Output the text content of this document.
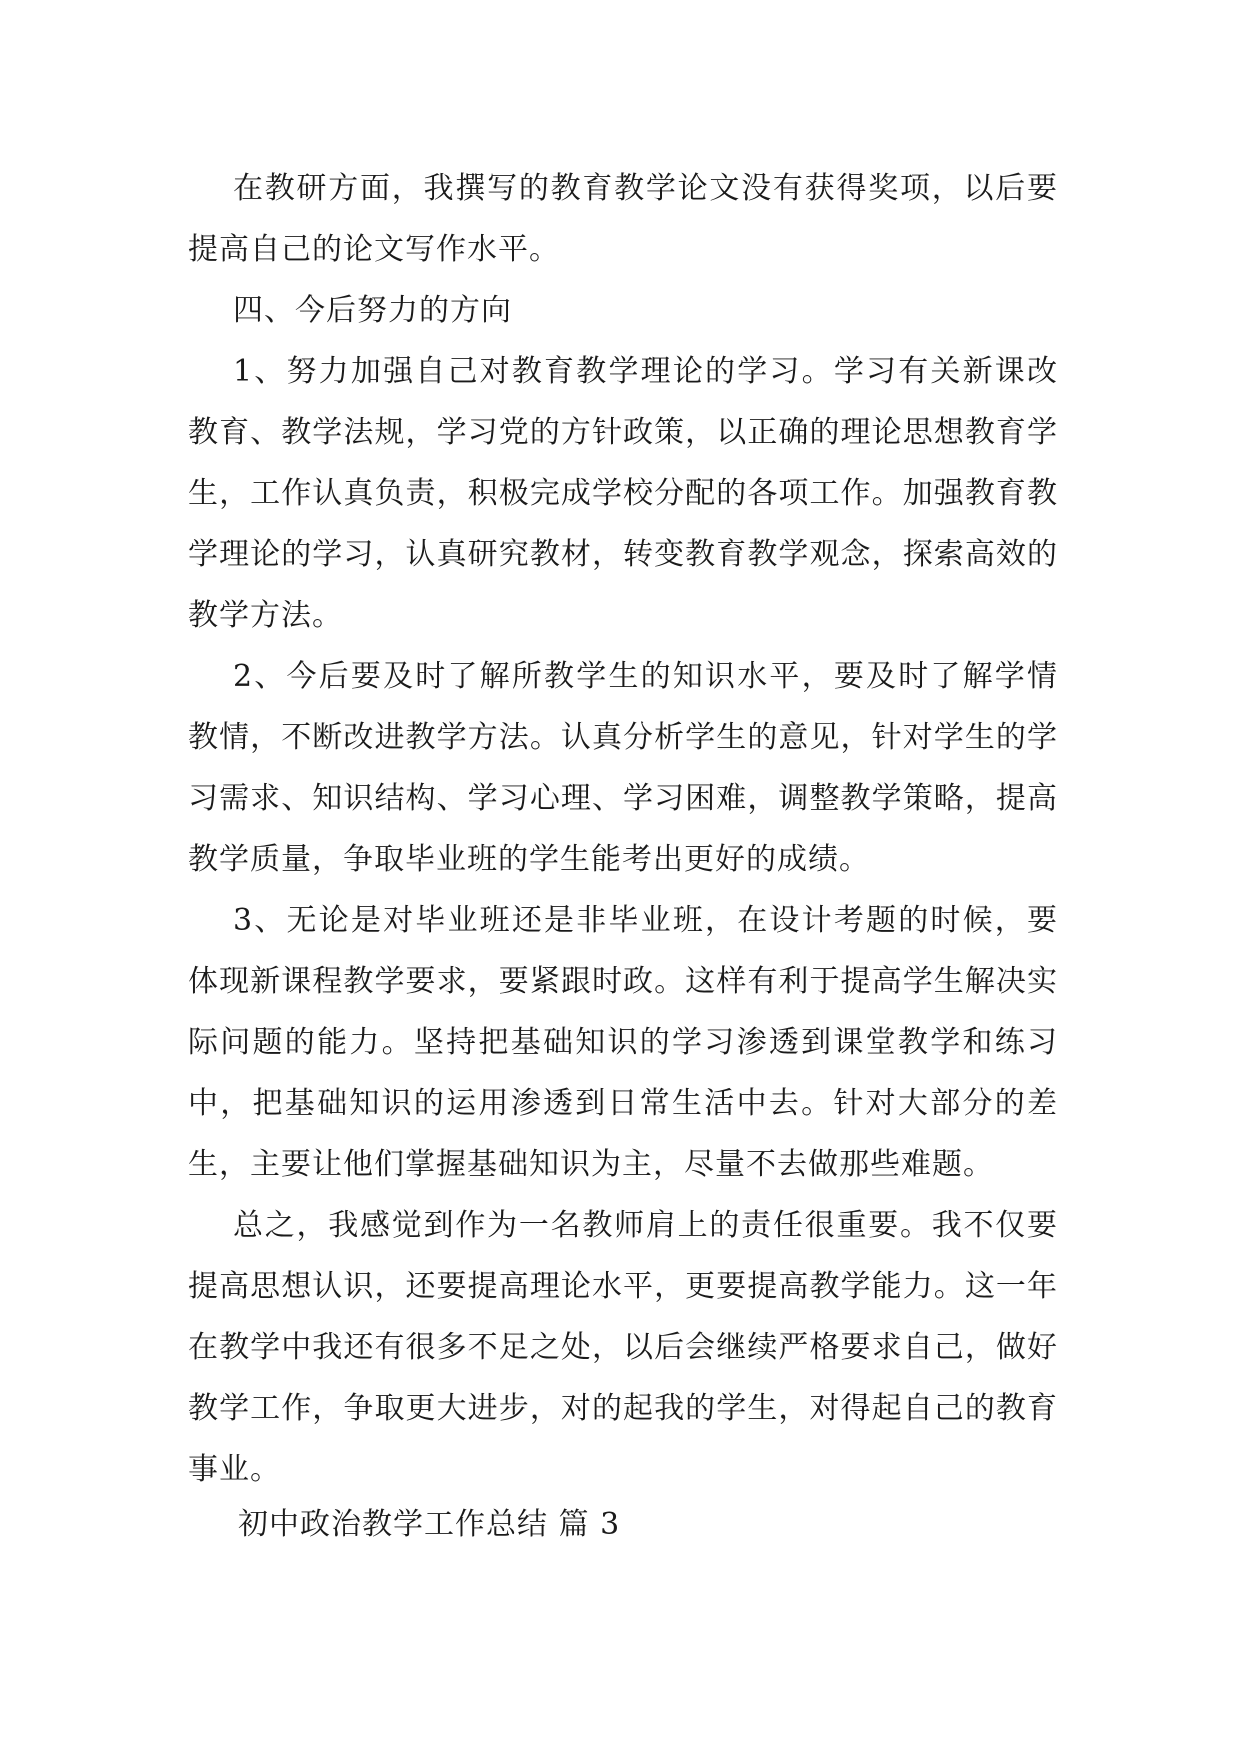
在教研方面，我撰写的教育教学论文没有获得奖项，以后要提高自己的论文写作水平。

四、今后努力的方向

1、努力加强自己对教育教学理论的学习。学习有关新课改教育、教学法规，学习党的方针政策，以正确的理论思想教育学生，工作认真负责，积极完成学校分配的各项工作。加强教育教学理论的学习，认真研究教材，转变教育教学观念，探索高效的教学方法。

2、今后要及时了解所教学生的知识水平，要及时了解学情教情，不断改进教学方法。认真分析学生的意见，针对学生的学习需求、知识结构、学习心理、学习困难，调整教学策略，提高教学质量，争取毕业班的学生能考出更好的成绩。

3、无论是对毕业班还是非毕业班，在设计考题的时候，要体现新课程教学要求，要紧跟时政。这样有利于提高学生解决实际问题的能力。坚持把基础知识的学习渗透到课堂教学和练习中，把基础知识的运用渗透到日常生活中去。针对大部分的差生，主要让他们掌握基础知识为主，尽量不去做那些难题。

总之，我感觉到作为一名教师肩上的责任很重要。我不仅要提高思想认识，还要提高理论水平，更要提高教学能力。这一年在教学中我还有很多不足之处，以后会继续严格要求自己，做好教学工作，争取更大进步，对的起我的学生，对得起自己的教育事业。

初中政治教学工作总结 篇 3
